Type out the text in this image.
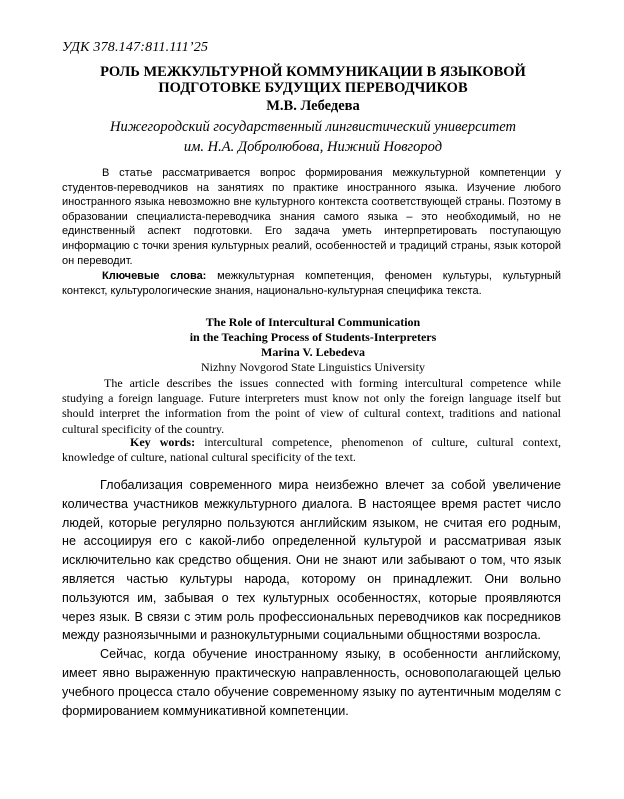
УДК 378.147:811.111’25
РОЛЬ МЕЖКУЛЬТУРНОЙ КОММУНИКАЦИИ В ЯЗЫКОВОЙ
ПОДГОТОВКЕ БУДУЩИХ ПЕРЕВОДЧИКОВ
М.В. Лебедева
Нижегородский государственный лингвистический университет
им. Н.А. Добролюбова, Нижний Новгород
В статье рассматривается вопрос формирования межкультурной компетенции у студентов-переводчиков на занятиях по практике иностранного языка. Изучение любого иностранного языка невозможно вне культурного контекста соответствующей страны. Поэтому в образовании специалиста-переводчика знания самого языка – это необходимый, но не единственный аспект подготовки. Его задача уметь интерпретировать поступающую информацию с точки зрения культурных реалий, особенностей и традиций страны, язык которой он переводит.
Ключевые слова: межкультурная компетенция, феномен культуры, культурный контекст, культурологические знания, национально-культурная специфика текста.
The Role of Intercultural Communication
in the Teaching Process of Students-Interpreters
Marina V. Lebedeva
Nizhny Novgorod State Linguistics University
The article describes the issues connected with forming intercultural competence while studying a foreign language. Future interpreters must know not only the foreign language itself but should interpret the information from the point of view of cultural context, traditions and national cultural specificity of the country.
Key words: intercultural competence, phenomenon of culture, cultural context, knowledge of culture, national cultural specificity of the text.

Глобализация современного мира неизбежно влечет за собой увеличение количества участников межкультурного диалога. В настоящее время растет число людей, которые регулярно пользуются английским языком, не считая его родным, не ассоциируя его с какой-либо определенной культурой и рассматривая язык исключительно как средство общения. Они не знают или забывают о том, что язык является частью культуры народа, которому он принадлежит. Они вольно пользуются им, забывая о тех культурных особенностях, которые проявляются через язык. В связи с этим роль профессиональных переводчиков как посредников между разноязычными и разнокультурными социальными общностями возросла.

Сейчас, когда обучение иностранному языку, в особенности английскому, имеет явно выраженную практическую направленность, основополагающей целью учебного процесса стало обучение современному языку по аутентичным моделям с формированием коммуникативной компетенции.
